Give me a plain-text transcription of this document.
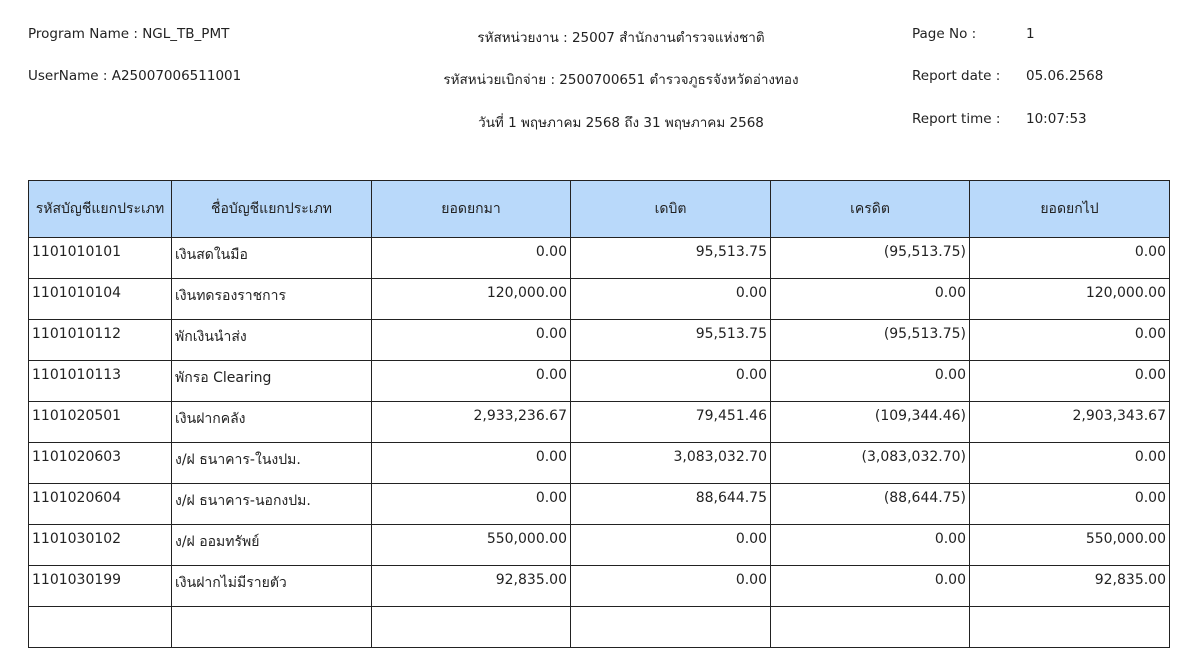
Program Name : NGL_TB_PMT
UserName : A25007006511001
รหัสหน่วยงาน : 25007 สำนักงานตำรวจแห่งชาติ
รหัสหน่วยเบิกจ่าย : 2500700651 ตำรวจภูธรจังหวัดอ่างทอง
วันที่ 1 พฤษภาคม 2568 ถึง 31 พฤษภาคม 2568
Page No :	1
Report date : 05.06.2568
Report time : 10:07:53
รหัสบัญชีแยกประเภท	ชื่อบัญชีแยกประเภท	ยอดยกมา	เดบิต	เครดิต	ยอดยกไป
1101010101	เงินสดในมือ	0.00	95,513.75	(95,513.75)	0.00
1101010104	เงินทดรองราชการ	120,000.00	0.00	0.00	120,000.00
1101010112	พักเงินนำส่ง	0.00	95,513.75	(95,513.75)	0.00
1101010113	พักรอ Clearing	0.00	0.00	0.00	0.00
1101020501	เงินฝากคลัง	2,933,236.67	79,451.46	(109,344.46)	2,903,343.67
1101020603	ง/ฝ ธนาคาร-ในงปม.	0.00	3,083,032.70	(3,083,032.70)	0.00
1101020604	ง/ฝ ธนาคาร-นอกงปม.	0.00	88,644.75	(88,644.75)	0.00
1101030102	ง/ฝ ออมทรัพย์	550,000.00	0.00	0.00	550,000.00
1101030199	เงินฝากไม่มีรายตัว	92,835.00	0.00	0.00	92,835.00
